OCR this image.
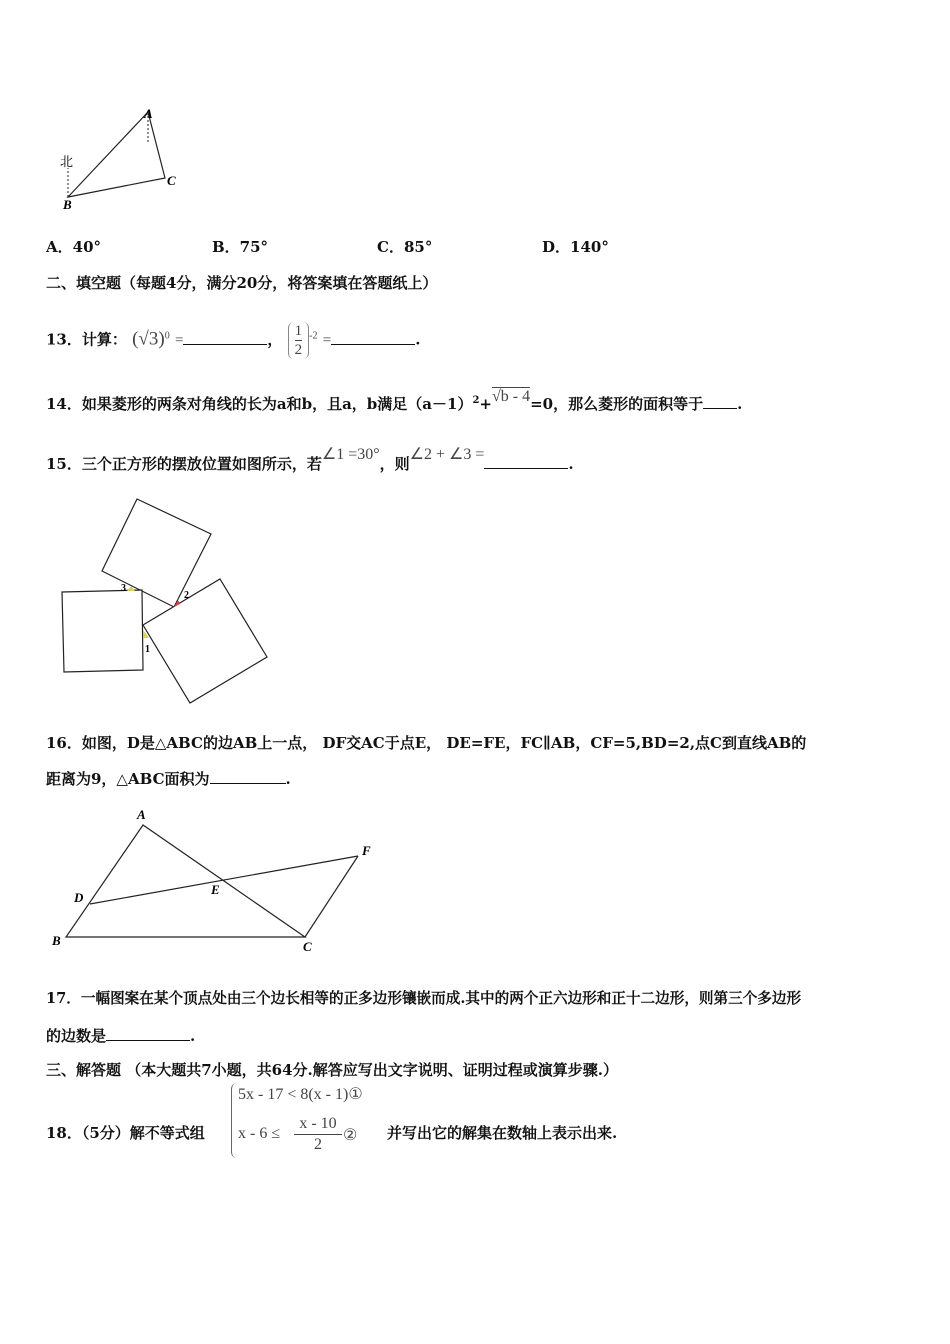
A
B
C
北
1
2
3
A
B	C
D
E
F
A．40°	B．75°	C．85°	D．140°
二、填空题（每题4分，满分20分，将答案填在答题纸上）
13．计算： $(√3)^0$ =	， $\frac{1}{2} ^{-2}$ =	.
14．如果菱形的两条对角线的长为a和b，且a，b满足$(a-1)^2+√b - 4=0$，那么菱形的面积等于 .
15．三个正方形的摆放位置如图所示，若∠1 =30°，则∠2 + ∠3 =.
16．如图，D是△ABC的边AB上一点， DF交AC于点E， DE=FE，FC∥AB，CF=5,BD=2,点C到直线AB的
距离为9，△ABC面积为	.
17．一幅图案在某个顶点处由三个边长相等的正多边形镶嵌而成.其中的两个正六边形和正十二边形，则第三个多边形
的边数是	.
三、解答题 （本大题共7小题，共64分.解答应写出文字说明、证明过程或演算步骤.）
18．（5分）解不等式组
5x - 17 < 8(x - 1)①
x - 6 ≤
x - 10
2
② 并写出它的解集在数轴上表示出来.
